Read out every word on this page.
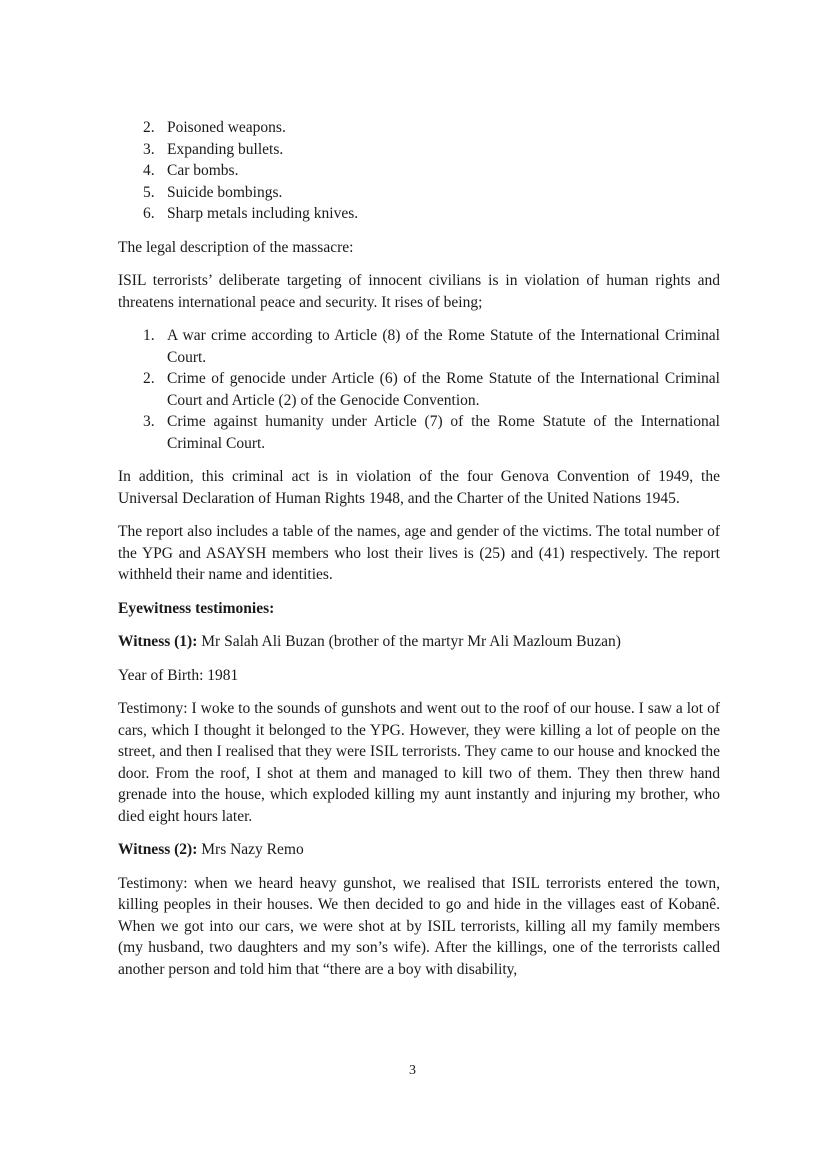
2. Poisoned weapons.
3. Expanding bullets.
4. Car bombs.
5. Suicide bombings.
6. Sharp metals including knives.

The legal description of the massacre:

ISIL terrorists’ deliberate targeting of innocent civilians is in violation of human rights and threatens international peace and security. It rises of being;

1. A war crime according to Article (8) of the Rome Statute of the International Criminal Court.
2. Crime of genocide under Article (6) of the Rome Statute of the International Criminal Court and Article (2) of the Genocide Convention.
3. Crime against humanity under Article (7) of the Rome Statute of the International Criminal Court.

In addition, this criminal act is in violation of the four Genova Convention of 1949, the Universal Declaration of Human Rights 1948, and the Charter of the United Nations 1945.

The report also includes a table of the names, age and gender of the victims. The total number of the YPG and ASAYSH members who lost their lives is (25) and (41) respectively. The report withheld their name and identities.

Eyewitness testimonies:

Witness (1): Mr Salah Ali Buzan (brother of the martyr Mr Ali Mazloum Buzan)

Year of Birth: 1981

Testimony: I woke to the sounds of gunshots and went out to the roof of our house. I saw a lot of cars, which I thought it belonged to the YPG. However, they were killing a lot of people on the street, and then I realised that they were ISIL terrorists. They came to our house and knocked the door. From the roof, I shot at them and managed to kill two of them. They then threw hand grenade into the house, which exploded killing my aunt instantly and injuring my brother, who died eight hours later.

Witness (2): Mrs Nazy Remo

Testimony: when we heard heavy gunshot, we realised that ISIL terrorists entered the town, killing peoples in their houses. We then decided to go and hide in the villages east of Kobanê. When we got into our cars, we were shot at by ISIL terrorists, killing all my family members (my husband, two daughters and my son’s wife). After the killings, one of the terrorists called another person and told him that “there are a boy with disability,

3
